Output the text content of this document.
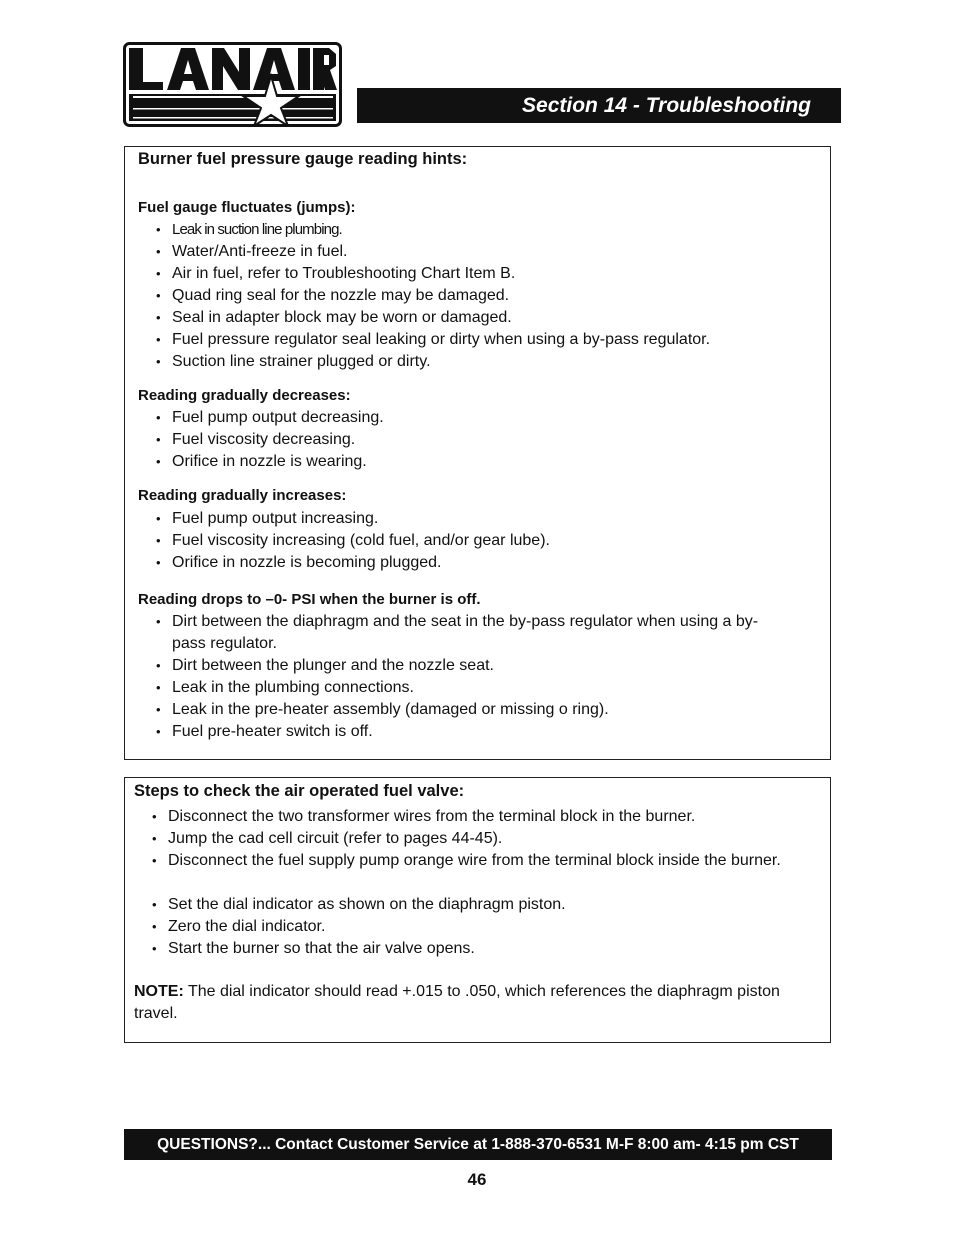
Section 14 - Troubleshooting
Burner fuel pressure gauge reading hints:
Fuel gauge fluctuates (jumps):
• Leak in suction line plumbing.
• Water/Anti-freeze in fuel.
• Air in fuel, refer to Troubleshooting Chart Item B.
• Quad ring seal for the nozzle may be damaged.
• Seal in adapter block may be worn or damaged.
• Fuel pressure regulator seal leaking or dirty when using a by-pass regulator.
• Suction line strainer plugged or dirty.
Reading gradually decreases:
• Fuel pump output decreasing.
• Fuel viscosity decreasing.
• Orifice in nozzle is wearing.
Reading gradually increases:
• Fuel pump output increasing.
• Fuel viscosity increasing (cold fuel, and/or gear lube).
• Orifice in nozzle is becoming plugged.
Reading drops to –0- PSI when the burner is off.
• Dirt between the diaphragm and the seat in the by-pass regulator when using a by-pass regulator.
• Dirt between the plunger and the nozzle seat.
• Leak in the plumbing connections.
• Leak in the pre-heater assembly (damaged or missing o ring).
• Fuel pre-heater switch is off.
Steps to check the air operated fuel valve:
• Disconnect the two transformer wires from the terminal block in the burner.
• Jump the cad cell circuit (refer to pages 44-45).
• Disconnect the fuel supply pump orange wire from the terminal block inside the burner.
• Set the dial indicator as shown on the diaphragm piston.
• Zero the dial indicator.
• Start the burner so that the air valve opens.
NOTE: The dial indicator should read +.015 to .050, which references the diaphragm piston travel.
QUESTIONS?... Contact Customer Service at 1-888-370-6531 M-F 8:00 am- 4:15 pm CST
46
